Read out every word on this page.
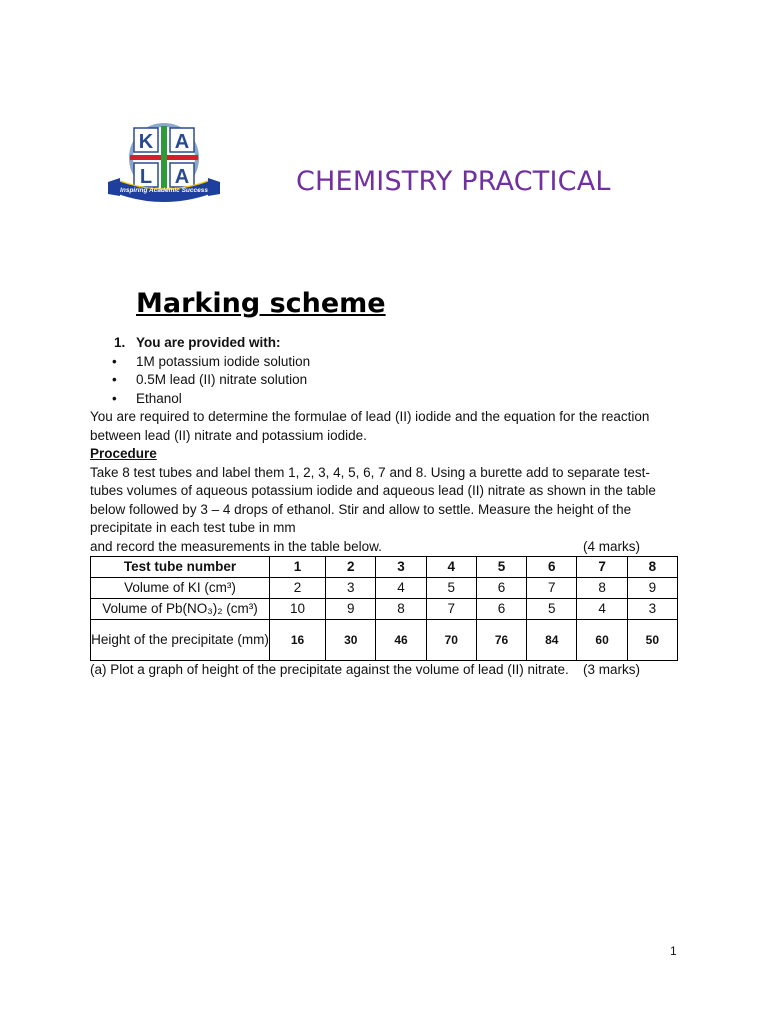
K A
L A
Inspiring Academic Success	CHEMISTRY PRACTICAL
Marking scheme
1. You are provided with:
• 1M potassium iodide solution
• 0.5M lead (II) nitrate solution
• Ethanol

You are required to determine the formulae of lead (II) iodide and the equation for the reaction between lead (II) nitrate and potassium iodide.

Procedure

Take 8 test tubes and label them 1, 2, 3, 4, 5, 6, 7 and 8. Using a burette add to separate test-tubes volumes of aqueous potassium iodide and aqueous lead (II) nitrate as shown in the table below followed by 3 – 4 drops of ethanol. Stir and allow to settle. Measure the height of the precipitate in each test tube in mm

and record the measurements in the table below.	(4 marks)
Test tube number	1	2	3	4	5	6	7	8
Volume of KI (cm³)	2	3	4	5	6	7	8	9
Volume of Pb(NO₃)₂ (cm³)	10	9	8	7	6	5	4	3
Height of the precipitate (mm)	16	30	46	70	76	84	60	50
(a) Plot a graph of height of the precipitate against the volume of lead (II) nitrate. (3 marks)
1
